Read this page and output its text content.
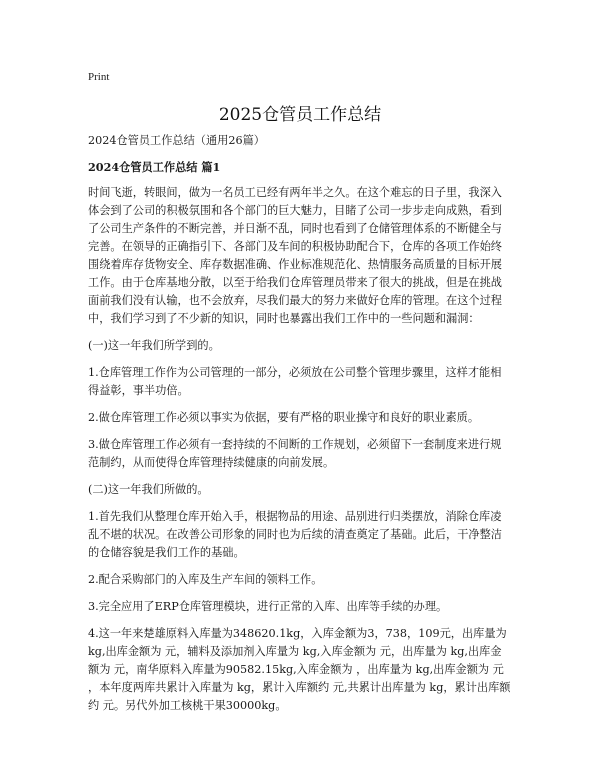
Print
2025仓管员工作总结

2024仓管员工作总结（通用26篇）

2024仓管员工作总结 篇1

时间飞逝，转眼间，做为一名员工已经有两年半之久。在这个难忘的日子里，我深入体会到了公司的积极氛围和各个部门的巨大魅力，目睹了公司一步步走向成熟，看到了公司生产条件的不断完善，并日渐不乱，同时也看到了仓储管理体系的不断健全与完善。在领导的正确指引下、各部门及车间的积极协助配合下，仓库的各项工作始终围绕着库存货物安全、库存数据准确、作业标准规范化、热情服务高质量的目标开展工作。由于仓库基地分散，以至于给我们仓库管理员带来了很大的挑战，但是在挑战面前我们没有认输，也不会放弃，尽我们最大的努力来做好仓库的管理。在这个过程中，我们学习到了不少新的知识，同时也暴露出我们工作中的一些问题和漏洞：

(一)这一年我们所学到的。

1.仓库管理工作作为公司管理的一部分，必须放在公司整个管理步骤里，这样才能相得益彰，事半功倍。

2.做仓库管理工作必须以事实为依据，要有严格的职业操守和良好的职业素质。

3.做仓库管理工作必须有一套持续的不间断的工作规划，必须留下一套制度来进行规范制约，从而使得仓库管理持续健康的向前发展。

(二)这一年我们所做的。

1.首先我们从整理仓库开始入手，根据物品的用途、品别进行归类摆放，消除仓库凌乱不堪的状况。在改善公司形象的同时也为后续的清查奠定了基础。此后，干净整洁的仓储容貌是我们工作的基础。

2.配合采购部门的入库及生产车间的领料工作。

3.完全应用了ERP仓库管理模块，进行正常的入库、出库等手续的办理。

4.这一年来楚雄原料入库量为348620.1kg，入库金额为3，738，109元，出库量为kg,出库金额为 元，辅料及添加剂入库量为 kg,入库金额为 元，出库量为 kg,出库金额为 元，南华原料入库量为90582.15kg,入库金额为 ，出库量为 kg,出库金额为 元 ，本年度两库共累计入库量为 kg，累计入库额约 元,共累计出库量为 kg，累计出库额约 元。另代外加工核桃干果30000kg。
